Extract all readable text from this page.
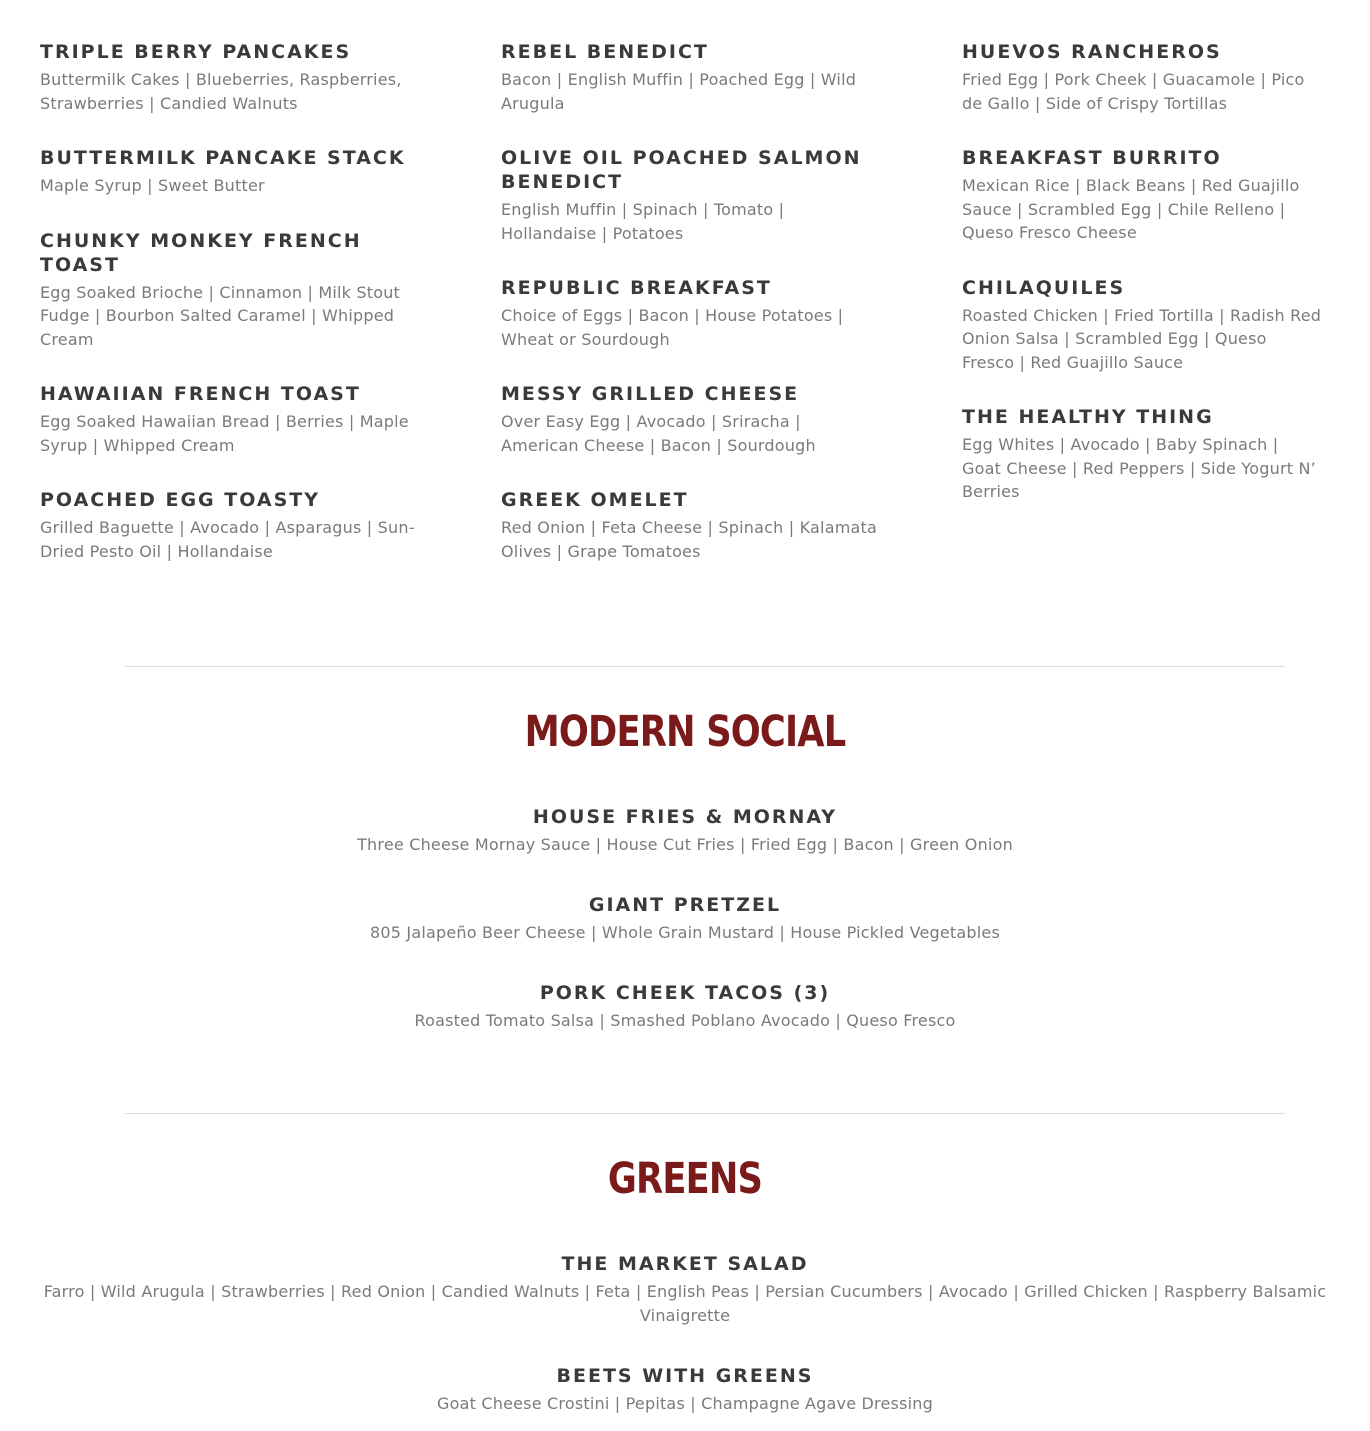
TRIPLE BERRY PANCAKES

Buttermilk Cakes | Blueberries, Raspberries, Strawberries | Candied Walnuts

BUTTERMILK PANCAKE STACK

Maple Syrup | Sweet Butter

CHUNKY MONKEY FRENCH TOAST

Egg Soaked Brioche | Cinnamon | Milk Stout Fudge | Bourbon Salted Caramel | Whipped Cream

HAWAIIAN FRENCH TOAST

Egg Soaked Hawaiian Bread | Berries | Maple Syrup | Whipped Cream

POACHED EGG TOASTY

Grilled Baguette | Avocado | Asparagus | Sun-Dried Pesto Oil | Hollandaise

REBEL BENEDICT

Bacon | English Muffin | Poached Egg | Wild Arugula

OLIVE OIL POACHED SALMON BENEDICT

English Muffin | Spinach | Tomato | Hollandaise | Potatoes

REPUBLIC BREAKFAST

Choice of Eggs | Bacon | House Potatoes | Wheat or Sourdough

MESSY GRILLED CHEESE

Over Easy Egg | Avocado | Sriracha | American Cheese | Bacon | Sourdough

GREEK OMELET

Red Onion | Feta Cheese | Spinach | Kalamata Olives | Grape Tomatoes

HUEVOS RANCHEROS

Fried Egg | Pork Cheek | Guacamole | Pico de Gallo | Side of Crispy Tortillas

BREAKFAST BURRITO

Mexican Rice | Black Beans | Red Guajillo Sauce | Scrambled Egg | Chile Relleno | Queso Fresco Cheese

CHILAQUILES

Roasted Chicken | Fried Tortilla | Radish Red Onion Salsa | Scrambled Egg | Queso Fresco | Red Guajillo Sauce

THE HEALTHY THING

Egg Whites | Avocado | Baby Spinach | Goat Cheese | Red Peppers | Side Yogurt N’ Berries

MODERN SOCIAL
HOUSE FRIES & MORNAY

Three Cheese Mornay Sauce | House Cut Fries | Fried Egg | Bacon | Green Onion

GIANT PRETZEL

805 Jalapeño Beer Cheese | Whole Grain Mustard | House Pickled Vegetables

PORK CHEEK TACOS (3)

Roasted Tomato Salsa | Smashed Poblano Avocado | Queso Fresco

GREENS
THE MARKET SALAD

Farro | Wild Arugula | Strawberries | Red Onion | Candied Walnuts | Feta | English Peas | Persian Cucumbers | Avocado | Grilled Chicken | Raspberry Balsamic Vinaigrette

BEETS WITH GREENS

Goat Cheese Crostini | Pepitas | Champagne Agave Dressing
